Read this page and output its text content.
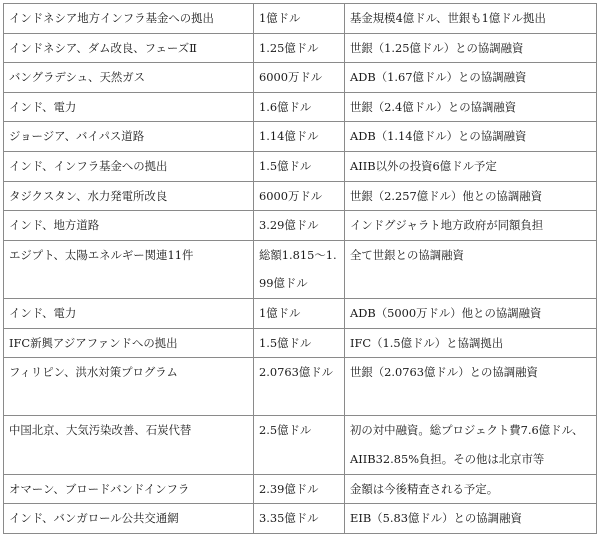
インドネシア地方インフラ基金への拠出	1億ドル	基金規模4億ドル、世銀も1億ドル拠出

インドネシア、ダム改良、フェーズⅡ	1.25億ドル	世銀（1.25億ドル）との協調融資

バングラデシュ、天然ガス	6000万ドル	ADB（1.67億ドル）との協調融資

インド、電力	1.6億ドル	世銀（2.4億ドル）との協調融資

ジョージア、バイパス道路	1.14億ドル	ADB（1.14億ドル）との協調融資

インド、インフラ基金への拠出	1.5億ドル	AIIB以外の投資6億ドル予定

タジクスタン、水力発電所改良	6000万ドル	世銀（2.257億ドル）他との協調融資

インド、地方道路	3.29億ドル	インドグジャラト地方政府が同額負担

エジプト、太陽エネルギー関連11件	総額1.815～1.99億ドル	全て世銀との協調融資

インド、電力	1億ドル	ADB（5000万ドル）他との協調融資

IFC新興アジアファンドへの拠出	1.5億ドル	IFC（1.5億ドル）と協調拠出

フィリピン、洪水対策プログラム	2.0763億ドル	世銀（2.0763億ドル）との協調融資

中国北京、大気汚染改善、石炭代替	2.5億ドル	初の対中融資。総プロジェクト費7.6億ドル、AIIB32.85%負担。その他は北京市等

オマーン、ブロードバンドインフラ	2.39億ドル	金額は今後精査される予定。

インド、バンガロール公共交通網	3.35億ドル	EIB（5.83億ドル）との協調融資
